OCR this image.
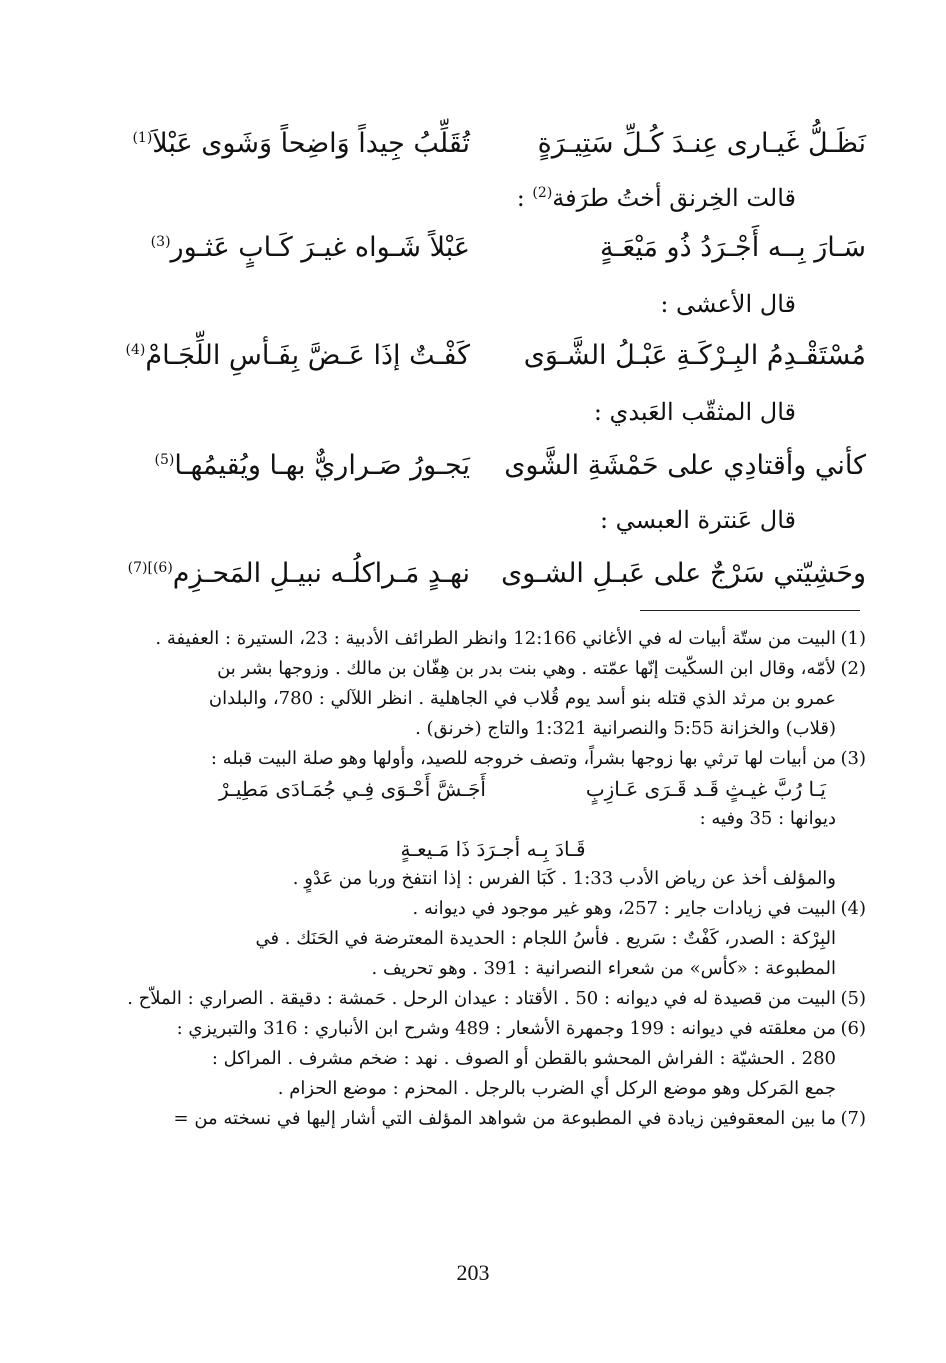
نَظَـلُّ غَيـارى عِنـدَ كُـلِّ سَتِيـرَةٍ
تُقَلِّبُ جِيداً وَاضِحاً وَشَوى عَبْلاَ$^{(1)}$
قالت الخِرنق أختُ طرَفة$^{(2)}$ :
سَـارَ بِــه أَجْـرَدُ ذُو مَيْعَـةٍ
عَبْلاً شَـواه غيـرَ كَـابٍ عَثـور$^{(3)}$
قال الأعشى :
مُسْتَقْـدِمُ البِـرْكَـةِ عَبْـلُ الشَّـوَى
كَفْـتٌ إذَا عَـضَّ بِفَـأسِ اللِّجَـامْ$^{(4)}$
قال المثقّب العَبدي :
كأني وأقتادِي على حَمْشَةِ الشَّوى
يَجـورُ صَـراريٌّ بهـا ويُقيمُهـا$^{(5)}$
قال عَنترة العبسي :
وحَشِيّتي سَرْجٌ على عَبـلِ الشـوى
نهـدٍ مَـراكلُـه نبيـلِ المَحـزِم$^{(6)](7)}$

(1)البيت من ستّة أبيات له في الأغاني 12:166 وانظر الطرائف الأدبية : 23، الستيرة : العفيفة .

(2)لأمّه، وقال ابن السكّيت إنّها عمّته . وهي بنت بدر بن هِفّان بن مالك . وزوجها بشر بن

عمرو بن مرثد الذي قتله بنو أسد يوم قُلاب في الجاهلية . انظر اللآلي : 780، والبلدان

(قلاب) والخزانة 5:55 والنصرانية 1:321 والتاج (خرنق) .

(3)من أبيات لها ترثي بها زوجها بشراً، وتصف خروجه للصيد، وأولها وهو صلة البيت قبله :

يَـا رُبَّ غيـثٍ قَـد قَـرَى عَـازِبٍ
أَجَـشَّ أَحْـوَى فِـي جُمَـادَى مَطِيـرْ

ديوانها : 35 وفيه :

قَـادَ بِـه أجـرَدَ ذَا مَـيعـةٍ

والمؤلف أخذ عن رياض الأدب 1:33 . كَبَا الفرس : إذا انتفخ وربا من عَدْوٍ .

(4)البيت في زيادات جاير : 257، وهو غير موجود في ديوانه .

البِرْكة : الصدر، كَفْتٌ : سَريع . فأسُ اللجام : الحديدة المعترضة في الحَنَك . في

المطبوعة : «كأس» من شعراء النصرانية : 391 . وهو تحريف .

(5)البيت من قصيدة له في ديوانه : 50 . الأقتاد : عيدان الرحل . حَمشة : دقيقة . الصراري : الملاّح .

(6)من معلقته في ديوانه : 199 وجمهرة الأشعار : 489 وشرح ابن الأنباري : 316 والتبريزي :

280 . الحشيّة : الفراش المحشو بالقطن أو الصوف . نهد : ضخم مشرف . المراكل :

جمع المَركل وهو موضع الركل أي الضرب بالرجل . المحزم : موضع الحزام .

(7)ما بين المعقوفين زيادة في المطبوعة من شواهد المؤلف التي أشار إليها في نسخته من =

203
